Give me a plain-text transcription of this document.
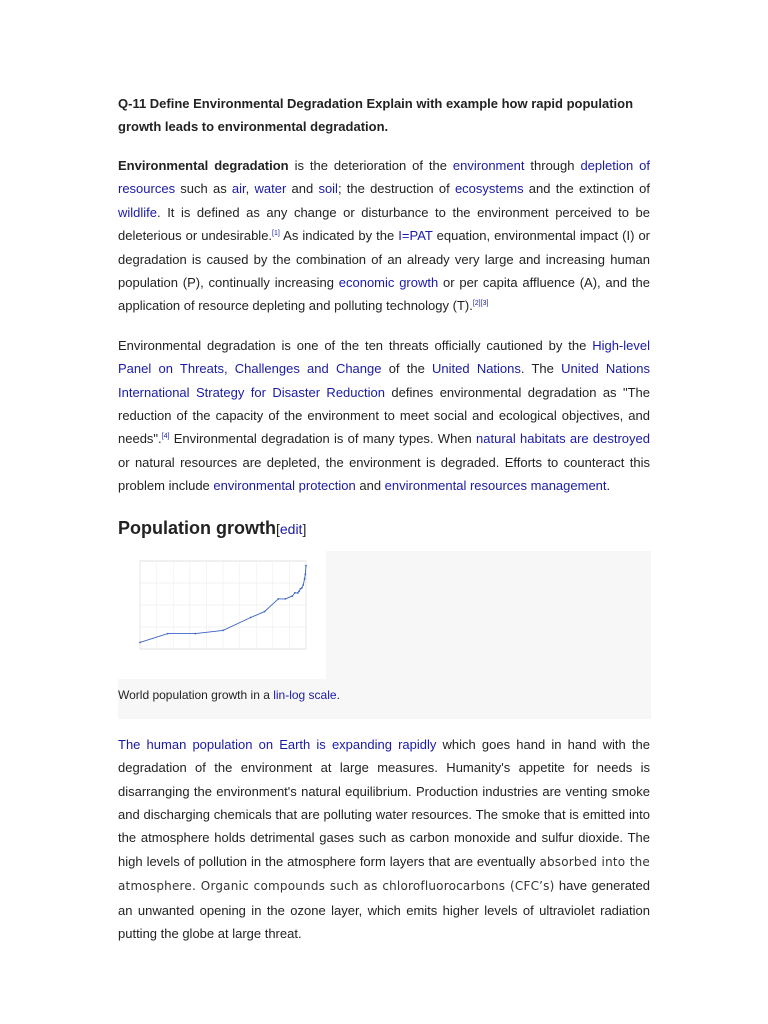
Q-11 Define Environmental Degradation Explain with example how rapid population growth leads to environmental degradation.

Environmental degradation is the deterioration of the environment through depletion of resources such as air, water and soil; the destruction of ecosystems and the extinction of wildlife. It is defined as any change or disturbance to the environment perceived to be deleterious or undesirable.[1] As indicated by the I=PAT equation, environmental impact (I) or degradation is caused by the combination of an already very large and increasing human population (P), continually increasing economic growth or per capita affluence (A), and the application of resource depleting and polluting technology (T).[2][3]

Environmental degradation is one of the ten threats officially cautioned by the High-level Panel on Threats, Challenges and Change of the United Nations. The United Nations International Strategy for Disaster Reduction defines environmental degradation as "The reduction of the capacity of the environment to meet social and ecological objectives, and needs".[4] Environmental degradation is of many types. When natural habitats are destroyed or natural resources are depleted, the environment is degraded. Efforts to counteract this problem include environmental protection and environmental resources management.

Population growth[edit]
World population growth in a lin-log scale.

The human population on Earth is expanding rapidly which goes hand in hand with the degradation of the environment at large measures. Humanity's appetite for needs is disarranging the environment's natural equilibrium. Production industries are venting smoke and discharging chemicals that are polluting water resources. The smoke that is emitted into the atmosphere holds detrimental gases such as carbon monoxide and sulfur dioxide. The high levels of pollution in the atmosphere form layers that are eventually absorbed into the atmosphere. Organic compounds such as chlorofluorocarbons (CFC’s) have generated an unwanted opening in the ozone layer, which emits higher levels of ultraviolet radiation putting the globe at large threat.
